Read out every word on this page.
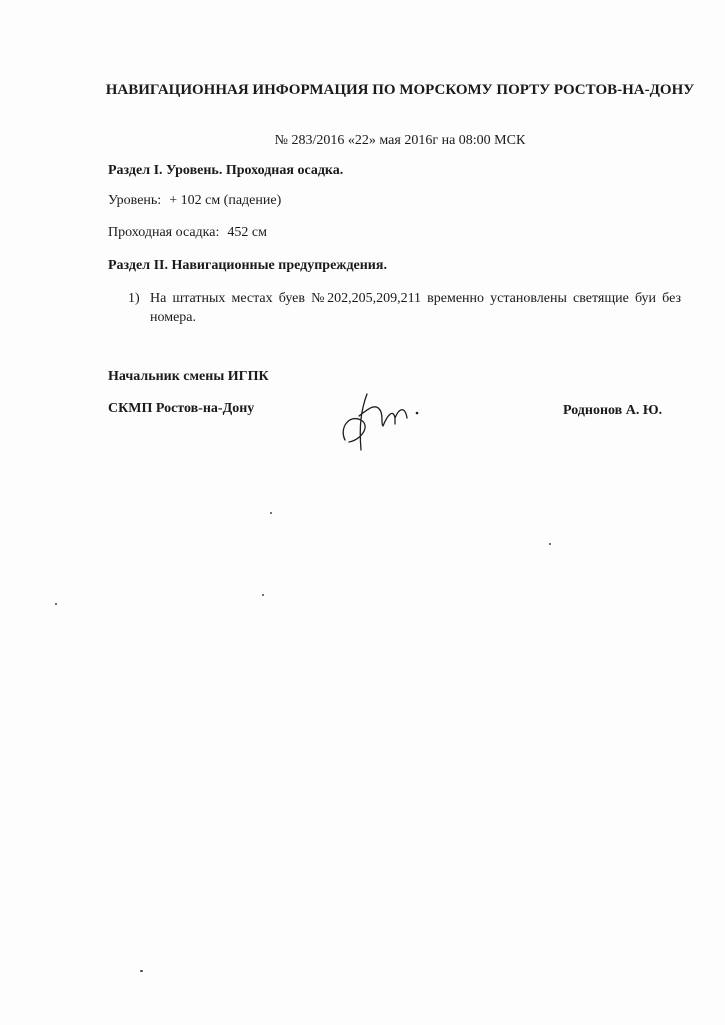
НАВИГАЦИОННАЯ ИНФОРМАЦИЯ ПО МОРСКОМУ ПОРТУ РОСТОВ-НА-ДОНУ
№ 283/2016 «22» мая 2016г на 08:00 МСК
Раздел I. Уровень. Проходная осадка.
Уровень: + 102 см (падение)
Проходная осадка: 452 см
Раздел II. Навигационные предупреждения.
1) На штатных местах буев №202,205,209,211 временно установлены светящие буи без номера.
Начальник смены ИГПК
СКМП Ростов-на-Дону	Роднонов А. Ю.
